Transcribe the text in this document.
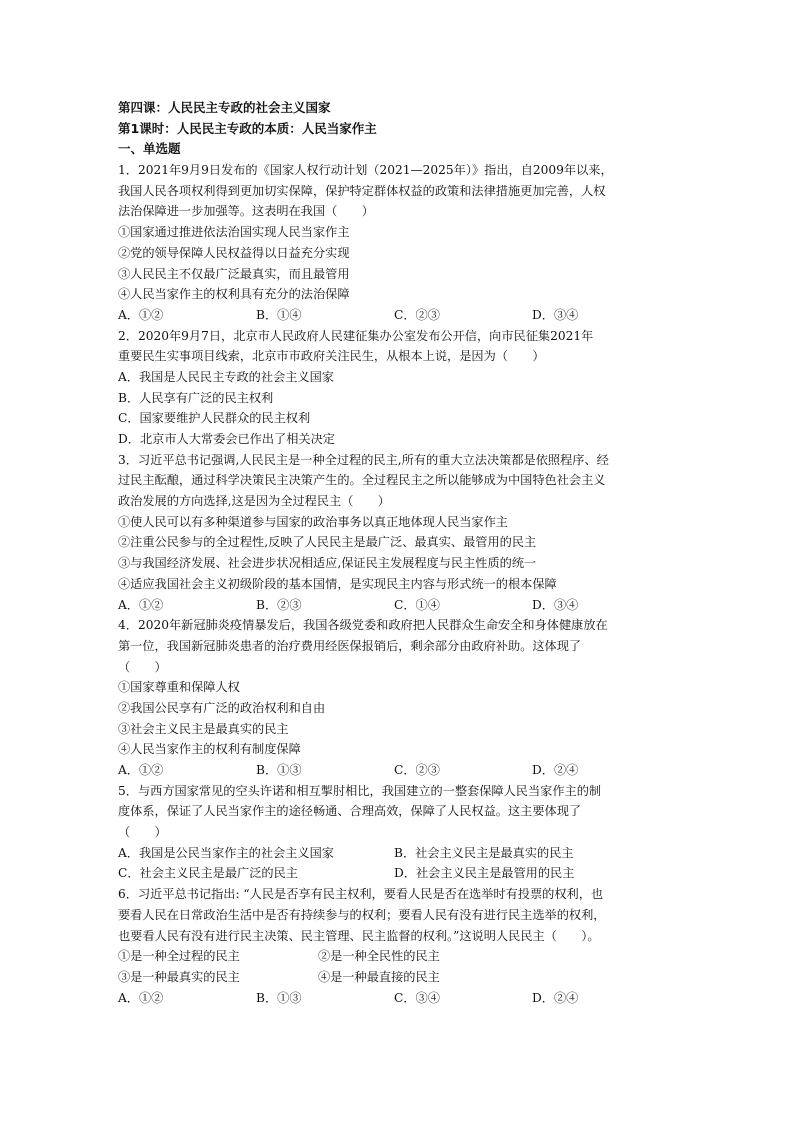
第四课：人民民主专政的社会主义国家
第1课时：人民民主专政的本质：人民当家作主
一、单选题
1．2021年9月9日发布的《国家人权行动计划（2021—2025年）》指出，自2009年以来，
我国人民各项权利得到更加切实保障，保护特定群体权益的政策和法律措施更加完善，人权
法治保障进一步加强等。这表明在我国（　　）
①国家通过推进依法治国实现人民当家作主
②党的领导保障人民权益得以日益充分实现
③人民民主不仅最广泛最真实，而且最管用
④人民当家作主的权利具有充分的法治保障
A．①②	B．①④	C．②③	D．③④
2．2020年9月7日，北京市人民政府人民建征集办公室发布公开信，向市民征集2021年
重要民生实事项目线索，北京市市政府关注民生，从根本上说，是因为（　　）
A．我国是人民民主专政的社会主义国家
B．人民享有广泛的民主权利
C．国家要维护人民群众的民主权利
D．北京市人大常委会已作出了相关决定
3．习近平总书记强调,人民民主是一种全过程的民主,所有的重大立法决策都是依照程序、经
过民主酝酿，通过科学决策民主决策产生的。全过程民主之所以能够成为中国特色社会主义
政治发展的方向选择,这是因为全过程民主（　　）
①使人民可以有多种渠道参与国家的政治事务以真正地体现人民当家作主
②注重公民参与的全过程性,反映了人民民主是最广泛、最真实、最管用的民主
③与我国经济发展、社会进步状况相适应,保证民主发展程度与民主性质的统一
④适应我国社会主义初级阶段的基本国情，是实现民主内容与形式统一的根本保障
A．①②	B．②③	C．①④	D．③④
4．2020年新冠肺炎疫情暴发后，我国各级党委和政府把人民群众生命安全和身体健康放在
第一位，我国新冠肺炎患者的治疗费用经医保报销后，剩余部分由政府补助。这体现了
（　　）
①国家尊重和保障人权
②我国公民享有广泛的政治权利和自由
③社会主义民主是最真实的民主
④人民当家作主的权利有制度保障
A．①②	B．①③	C．②③	D．②④
5．与西方国家常见的空头许诺和相互掣肘相比，我国建立的一整套保障人民当家作主的制
度体系，保证了人民当家作主的途径畅通、合理高效，保障了人民权益。这主要体现了
（　　）
A．我国是公民当家作主的社会主义国家	B．社会主义民主是最真实的民主
C．社会主义民主是最广泛的民主	D．社会主义民主是最管用的民主
6．习近平总书记指出: “人民是否享有民主权利，要看人民是否在选举时有投票的权利，也
要看人民在日常政治生活中是否有持续参与的权利；要看人民有没有进行民主选举的权利，
也要看人民有没有进行民主决策、民主管理、民主监督的权利。”这说明人民民主（　　）。
①是一种全过程的民主	②是一种全民性的民主
③是一种最真实的民主	④是一种最直接的民主
A．①②	B．①③	C．③④	D．②④
